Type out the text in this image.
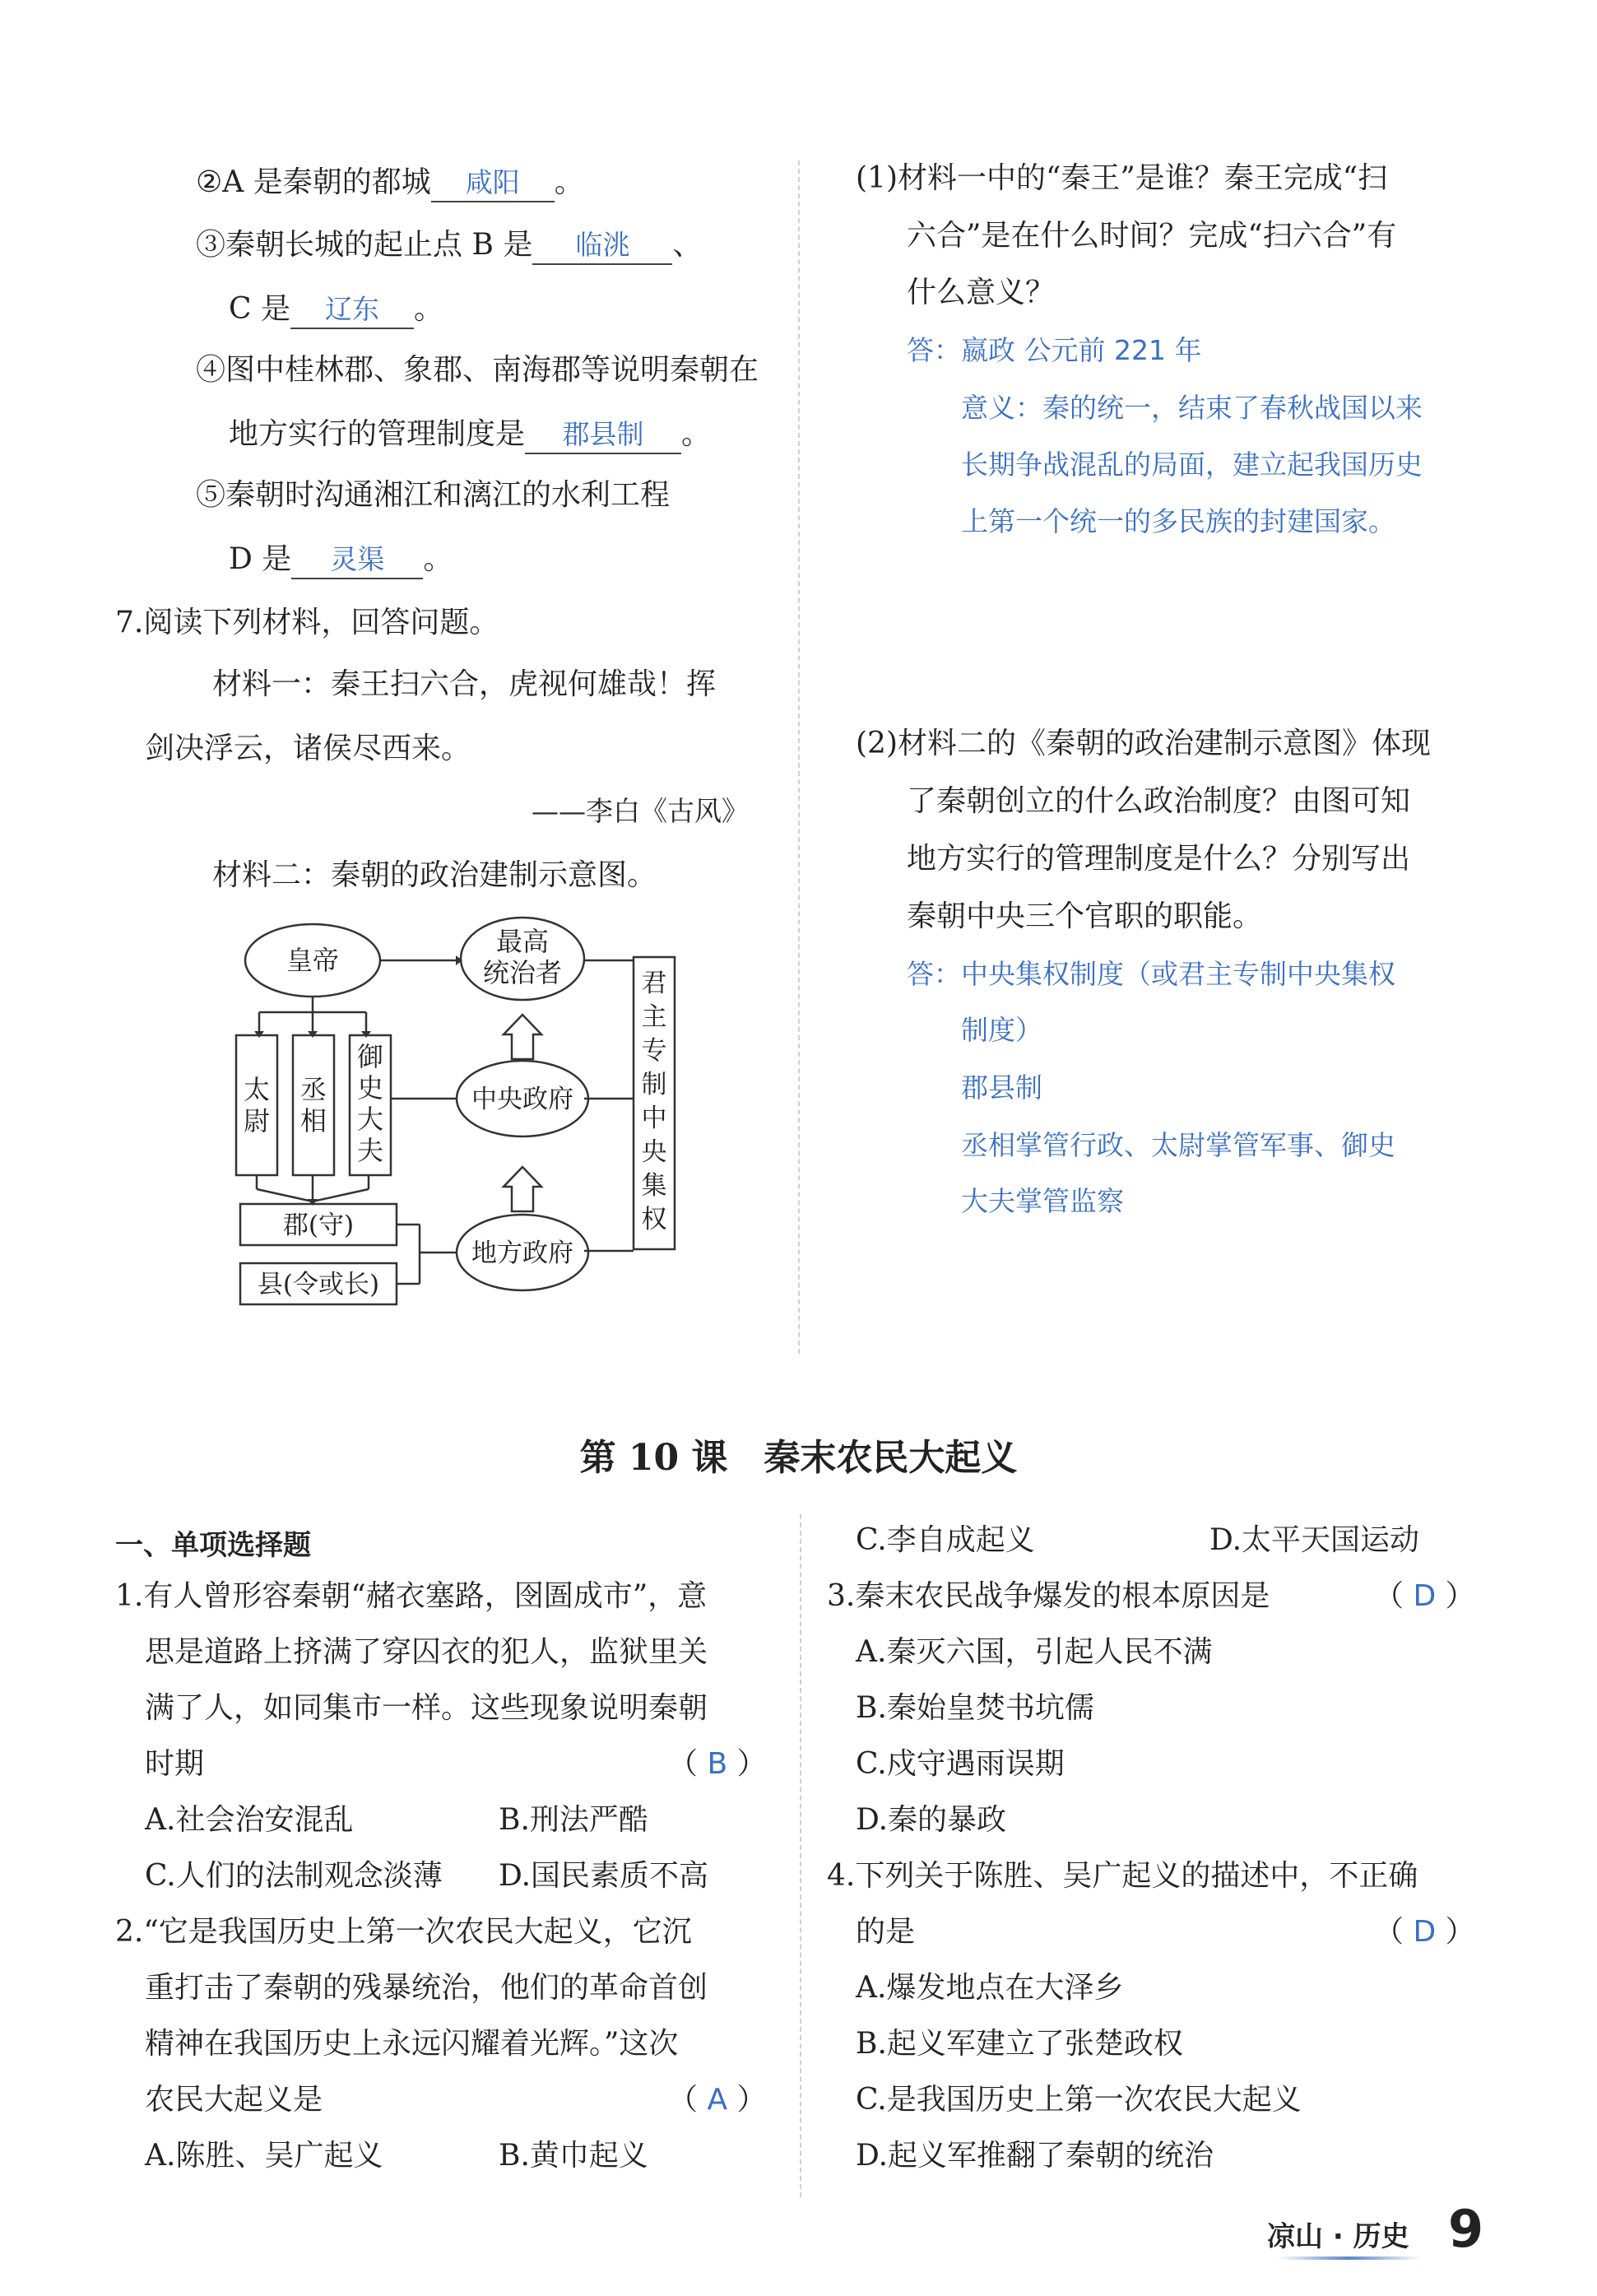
②A 是秦朝的都城 咸阳 。
③秦朝长城的起止点 B 是 临洮 、
C 是 辽东 。
④图中桂林郡、象郡、南海郡等说明秦朝在
地方实行的管理制度是 郡县制 。
⑤秦朝时沟通湘江和漓江的水利工程
D 是 灵渠 。
7.阅读下列材料，回答问题。
材料一：秦王扫六合，虎视何雄哉！挥
剑决浮云，诸侯尽西来。
——李白《古风》
材料二：秦朝的政治建制示意图。
皇帝
最高
统治者
太
尉
丞
相
御
史
大
夫
中央政府
地方政府
郡(守)
县(令或长)
君
主
专
制
中
央
集
权
(1)材料一中的“秦王”是谁？秦王完成“扫
六合”是在什么时间？完成“扫六合”有
什么意义？
答：嬴政 公元前 221 年
意义：秦的统一，结束了春秋战国以来
长期争战混乱的局面，建立起我国历史
上第一个统一的多民族的封建国家。
(2)材料二的《秦朝的政治建制示意图》体现
了秦朝创立的什么政治制度？由图可知
地方实行的管理制度是什么？分别写出
秦朝中央三个官职的职能。
答：中央集权制度（或君主专制中央集权
制度）
郡县制
丞相掌管行政、太尉掌管军事、御史
大夫掌管监察
第 10 课　秦末农民大起义
一、单项选择题
1.有人曾形容秦朝“赭衣塞路，囹圄成市”，意
思是道路上挤满了穿囚衣的犯人，监狱里关
满了人，如同集市一样。这些现象说明秦朝
时期	（ B ）
A.社会治安混乱	B.刑法严酷
C.人们的法制观念淡薄 D.国民素质不高
2.“它是我国历史上第一次农民大起义，它沉
重打击了秦朝的残暴统治，他们的革命首创
精神在我国历史上永远闪耀着光辉。”这次
农民大起义是	（ A ）
A.陈胜、吴广起义	B.黄巾起义
C.李自成起义	D.太平天国运动
3.秦末农民战争爆发的根本原因是	（ D ）
A.秦灭六国，引起人民不满
B.秦始皇焚书坑儒
C.戍守遇雨误期
D.秦的暴政
4.下列关于陈胜、吴广起义的描述中，不正确
的是	（ D ）
A.爆发地点在大泽乡
B.起义军建立了张楚政权
C.是我国历史上第一次农民大起义
D.起义军推翻了秦朝的统治
凉山 · 历史 9
